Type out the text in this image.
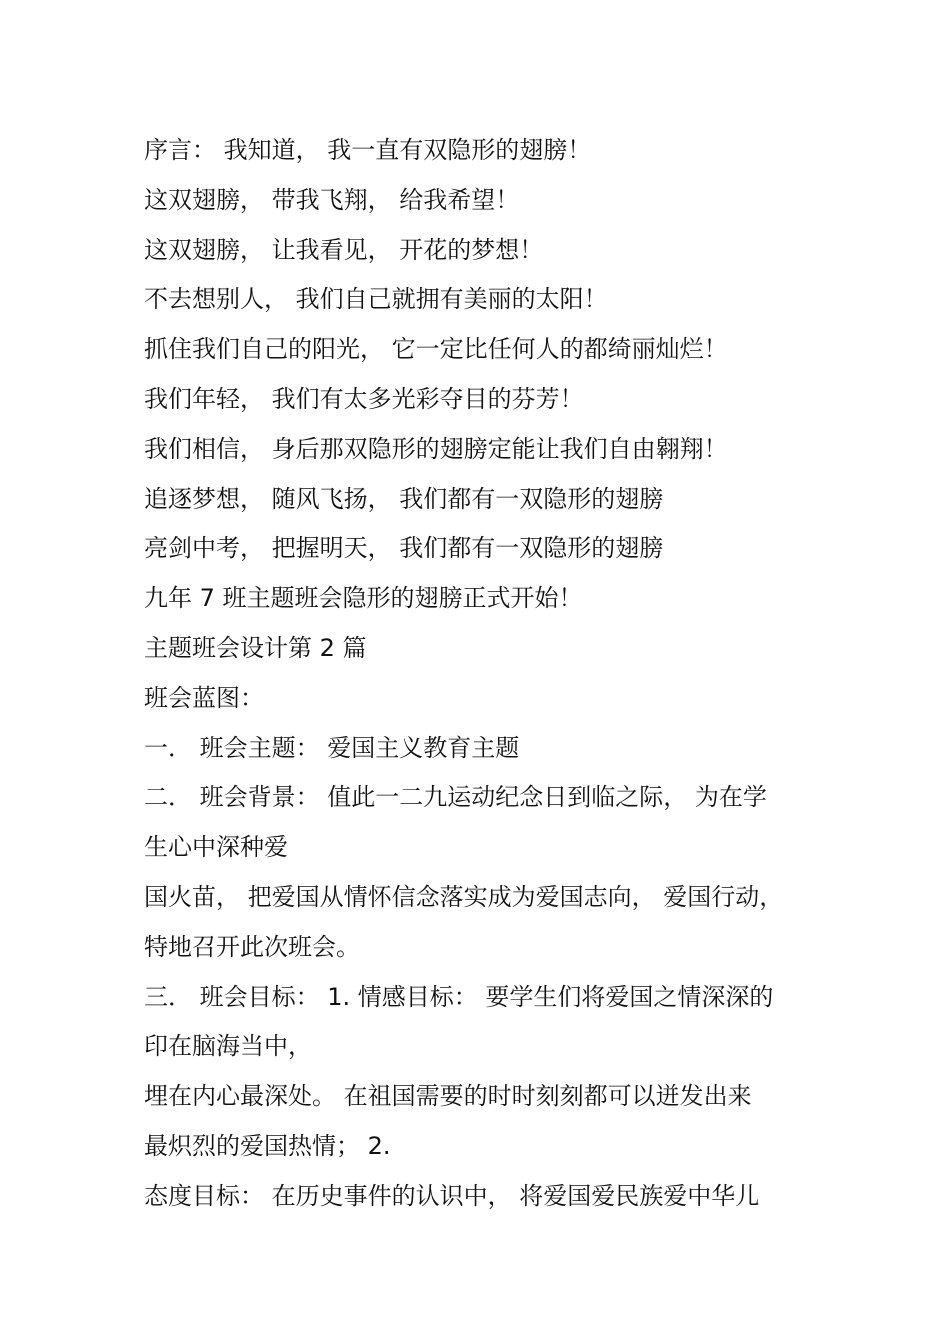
序言： 我知道， 我一直有双隐形的翅膀！

这双翅膀， 带我飞翔， 给我希望！

这双翅膀， 让我看见， 开花的梦想！

不去想别人， 我们自己就拥有美丽的太阳！

抓住我们自己的阳光， 它一定比任何人的都绮丽灿烂！

我们年轻， 我们有太多光彩夺目的芬芳！

我们相信， 身后那双隐形的翅膀定能让我们自由翱翔！

追逐梦想， 随风飞扬， 我们都有一双隐形的翅膀

亮剑中考， 把握明天， 我们都有一双隐形的翅膀

九年 7 班主题班会隐形的翅膀正式开始！

主题班会设计第 2 篇

班会蓝图：

一． 班会主题： 爱国主义教育主题

二． 班会背景： 值此一二九运动纪念日到临之际， 为在学

生心中深种爱

国火苗， 把爱国从情怀信念落实成为爱国志向， 爱国行动，

特地召开此次班会。

三． 班会目标： 1. 情感目标： 要学生们将爱国之情深深的

印在脑海当中，

埋在内心最深处。 在祖国需要的时时刻刻都可以迸发出来

最炽烈的爱国热情； 2.

态度目标： 在历史事件的认识中， 将爱国爱民族爱中华儿
